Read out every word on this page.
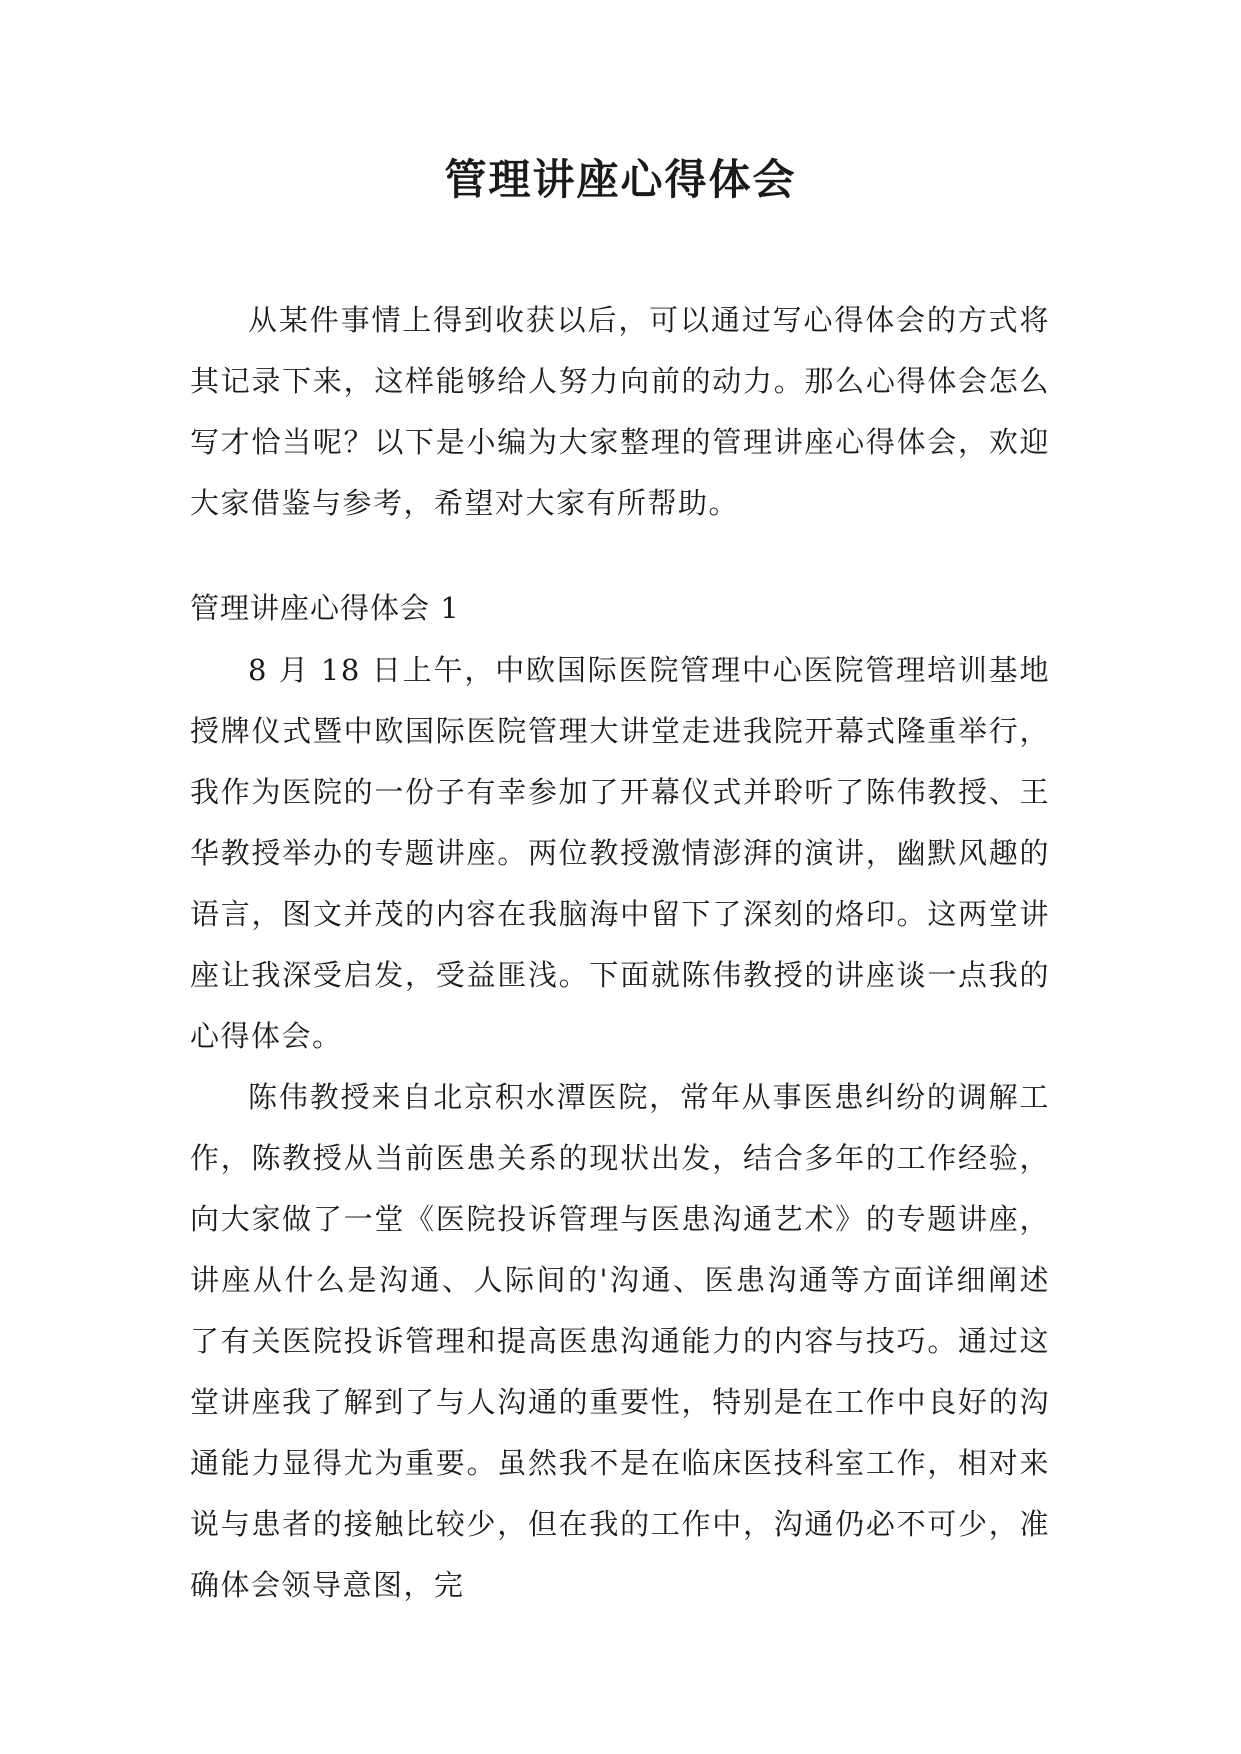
管理讲座心得体会

从某件事情上得到收获以后，可以通过写心得体会的方式将其记录下来，这样能够给人努力向前的动力。那么心得体会怎么写才恰当呢？以下是小编为大家整理的管理讲座心得体会，欢迎大家借鉴与参考，希望对大家有所帮助。

管理讲座心得体会 1

8 月 18 日上午，中欧国际医院管理中心医院管理培训基地授牌仪式暨中欧国际医院管理大讲堂走进我院开幕式隆重举行，我作为医院的一份子有幸参加了开幕仪式并聆听了陈伟教授、王华教授举办的专题讲座。两位教授激情澎湃的演讲，幽默风趣的语言，图文并茂的内容在我脑海中留下了深刻的烙印。这两堂讲座让我深受启发，受益匪浅。下面就陈伟教授的讲座谈一点我的心得体会。

陈伟教授来自北京积水潭医院，常年从事医患纠纷的调解工作，陈教授从当前医患关系的现状出发，结合多年的工作经验，向大家做了一堂《医院投诉管理与医患沟通艺术》的专题讲座，讲座从什么是沟通、人际间的'沟通、医患沟通等方面详细阐述了有关医院投诉管理和提高医患沟通能力的内容与技巧。通过这堂讲座我了解到了与人沟通的重要性，特别是在工作中良好的沟通能力显得尤为重要。虽然我不是在临床医技科室工作，相对来说与患者的接触比较少，但在我的工作中，沟通仍必不可少，准确体会领导意图，完
